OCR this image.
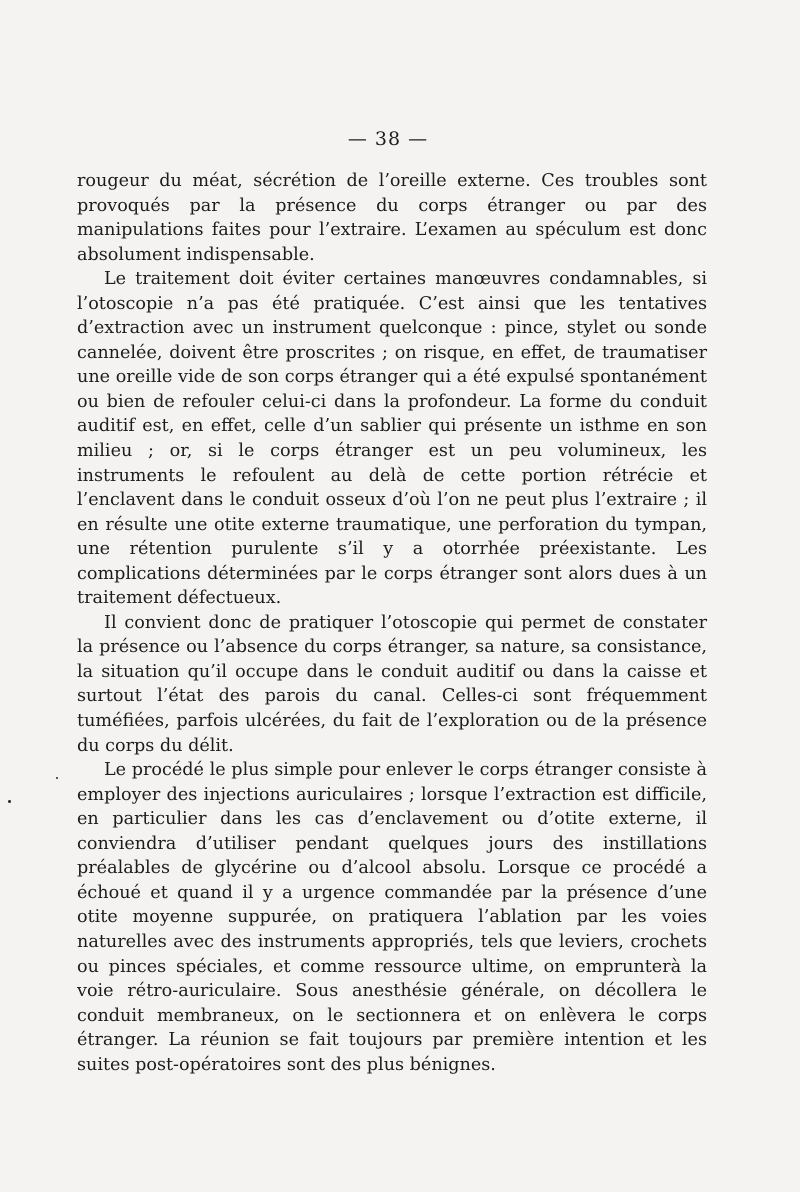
— 38 —

rougeur du méat, sécrétion de l’oreille externe. Ces troubles sont provoqués par la présence du corps étranger ou par des manipulations faites pour l’extraire. L’examen au spéculum est donc absolument indispensable.

Le traitement doit éviter certaines manœuvres condamnables, si l’otoscopie n’a pas été pratiquée. C’est ainsi que les tentatives d’extraction avec un instrument quelconque : pince, stylet ou sonde cannelée, doivent être proscrites ; on risque, en effet, de traumatiser une oreille vide de son corps étranger qui a été expulsé spontanément ou bien de refouler celui-ci dans la profondeur. La forme du conduit auditif est, en effet, celle d’un sablier qui présente un isthme en son milieu ; or, si le corps étranger est un peu volumineux, les instruments le refoulent au delà de cette portion rétrécie et l’enclavent dans le conduit osseux d’où l’on ne peut plus l’extraire ; il en résulte une otite externe traumatique, une perforation du tympan, une rétention purulente s’il y a otorrhée préexistante. Les complications déterminées par le corps étranger sont alors dues à un traitement défectueux.

Il convient donc de pratiquer l’otoscopie qui permet de constater la présence ou l’absence du corps étranger, sa nature, sa consistance, la situation qu’il occupe dans le conduit auditif ou dans la caisse et surtout l’état des parois du canal. Celles-ci sont fréquemment tuméfiées, parfois ulcérées, du fait de l’exploration ou de la présence du corps du délit.

Le procédé le plus simple pour enlever le corps étranger consiste à employer des injections auriculaires ; lorsque l’extraction est difficile, en particulier dans les cas d’enclavement ou d’otite externe, il conviendra d’utiliser pendant quelques jours des instillations préalables de glycérine ou d’alcool absolu. Lorsque ce procédé a échoué et quand il y a urgence commandée par la présence d’une otite moyenne suppurée, on pratiquera l’ablation par les voies naturelles avec des instruments appropriés, tels que leviers, crochets ou pinces spéciales, et comme ressource ultime, on emprunterà la voie rétro-auriculaire. Sous anesthésie générale, on décollera le conduit membraneux, on le sectionnera et on enlèvera le corps étranger. La réunion se fait toujours par première intention et les suites post-opératoires sont des plus bénignes.
